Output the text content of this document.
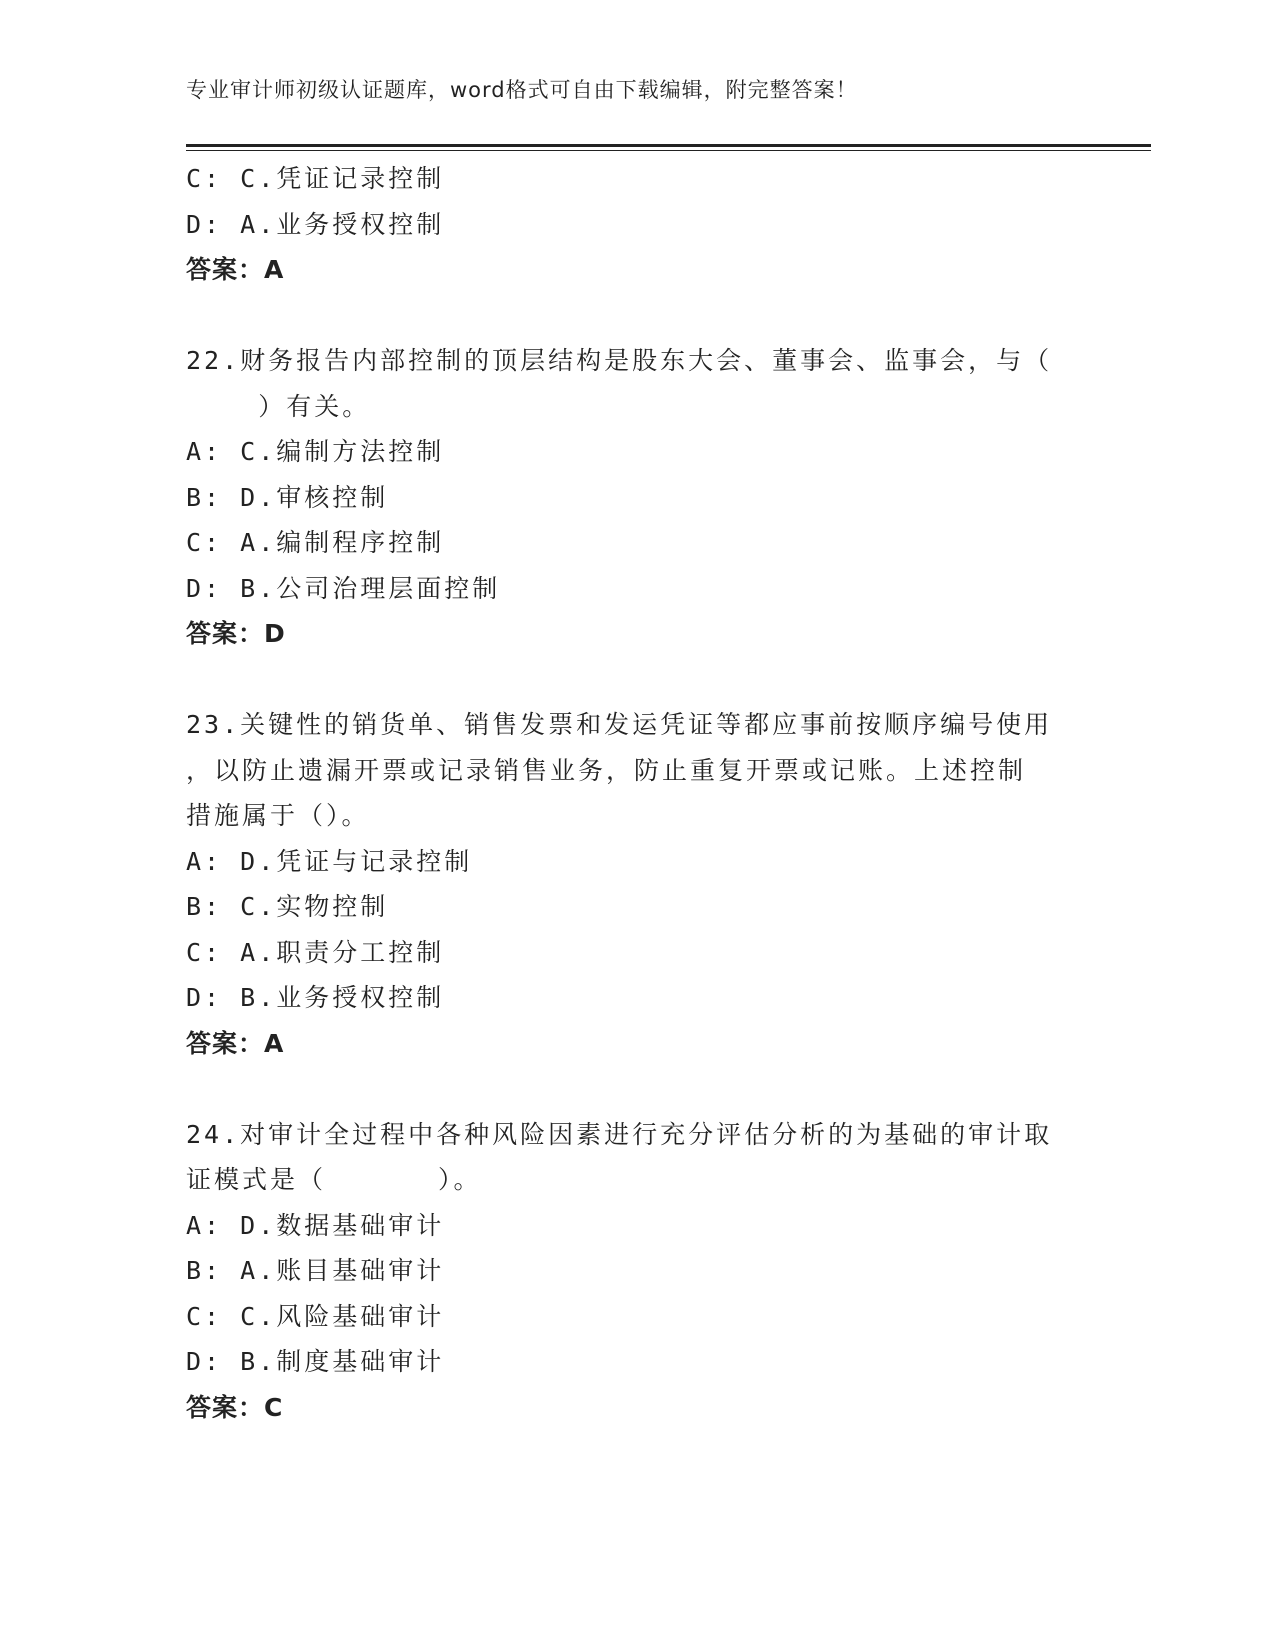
专业审计师初级认证题库，word格式可自由下载编辑，附完整答案！
C: C.凭证记录控制
D: A.业务授权控制
答案：A
22.财务报告内部控制的顶层结构是股东大会、董事会、监事会，与（
）有关。
A: C.编制方法控制
B: D.审核控制
C: A.编制程序控制
D: B.公司治理层面控制
答案：D
23.关键性的销货单、销售发票和发运凭证等都应事前按顺序编号使用
，以防止遗漏开票或记录销售业务，防止重复开票或记账。上述控制
措施属于（）。
A: D.凭证与记录控制
B: C.实物控制
C: A.职责分工控制
D: B.业务授权控制
答案：A
24.对审计全过程中各种风险因素进行充分评估分析的为基础的审计取
证模式是（　　　　）。
A: D.数据基础审计
B: A.账目基础审计
C: C.风险基础审计
D: B.制度基础审计
答案：C
